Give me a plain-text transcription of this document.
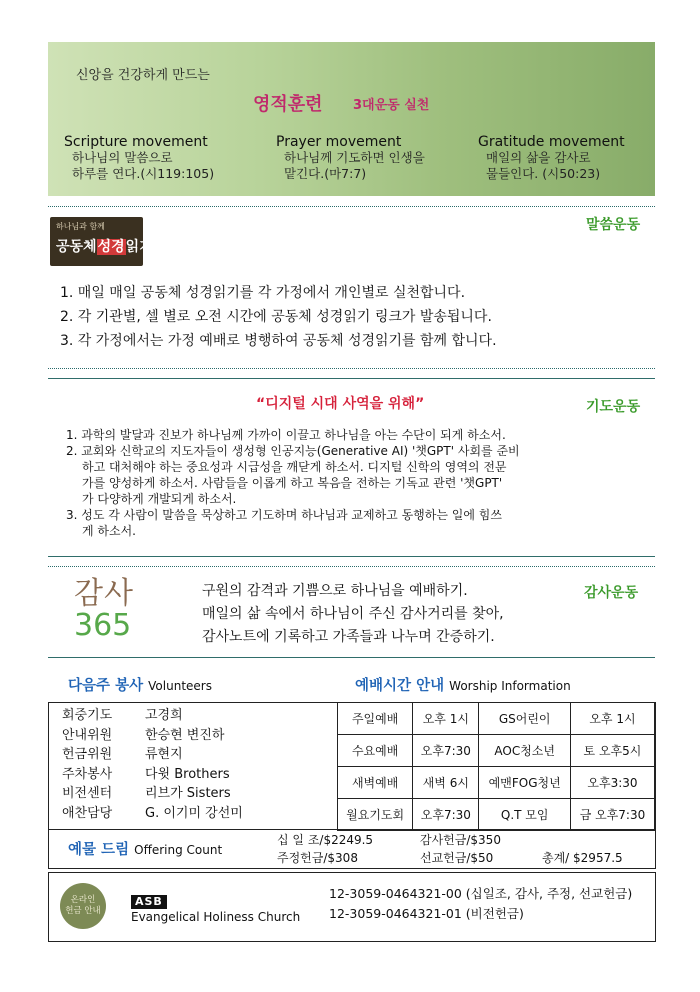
신앙을 건강하게 만드는
영적훈련 3대운동 실천
Scripture movement
하나님의 말씀으로
하루를 연다.(시119:105)
Prayer movement
하나님께 기도하면 인생을
맡긴다.(마7:7)
Gratitude movement
매일의 삶을 감사로
물들인다. (시50:23)
말씀운동
하나님과 함께
공동체성경읽기
1. 매일 매일 공동체 성경읽기를 각 가정에서 개인별로 실천합니다.
2. 각 기관별, 셀 별로 오전 시간에 공동체 성경읽기 링크가 발송됩니다.
3. 각 가정에서는 가정 예배로 병행하여 공동체 성경읽기를 함께 합니다.
“디지털 시대 사역을 위해”	기도운동
1. 과학의 발달과 진보가 하나님께 가까이 이끌고 하나님을 아는 수단이 되게 하소서.
2. 교회와 신학교의 지도자들이 생성형 인공지능(Generative AI) '챗GPT' 사회를 준비
하고 대처해야 하는 중요성과 시급성을 깨닫게 하소서. 디지털 신학의 영역의 전문
가를 양성하게 하소서. 사람들을 이롭게 하고 복음을 전하는 기독교 관련 '챗GPT'
가 다양하게 개발되게 하소서.
3. 성도 각 사람이 말씀을 묵상하고 기도하며 하나님과 교제하고 동행하는 일에 힘쓰
게 하소서.
감사
365
구원의 감격과 기쁨으로 하나님을 예배하기.
매일의 삶 속에서 하나님이 주신 감사거리를 찾아,
감사노트에 기록하고 가족들과 나누며 간증하기.
감사운동
다음주 봉사 Volunteers	예배시간 안내 Worship Information
회중기도	고경희
안내위원	한승현 변진하
헌금위원	류현지
주차봉사	다윗 Brothers
비전센터	리브가 Sisters
애찬담당	G. 이기미 강선미
주일예배	오후 1시	GS어린이	오후 1시
수요예배	오후7:30	AOC청소년	토 오후5시
새벽예배	새벽 6시	예맨FOG청년	오후3:30
월요기도회	오후7:30	Q.T 모임	금 오후7:30
예물 드림 Offering Count
십 일 조/$2249.5	감사헌금/$350
주정헌금/$308	선교헌금/$50	총계/ $2957.5
온라인
헌금 안내
ASB
Evangelical Holiness Church
12-3059-0464321-00 (십일조, 감사, 주정, 선교헌금)
12-3059-0464321-01 (비전헌금)
